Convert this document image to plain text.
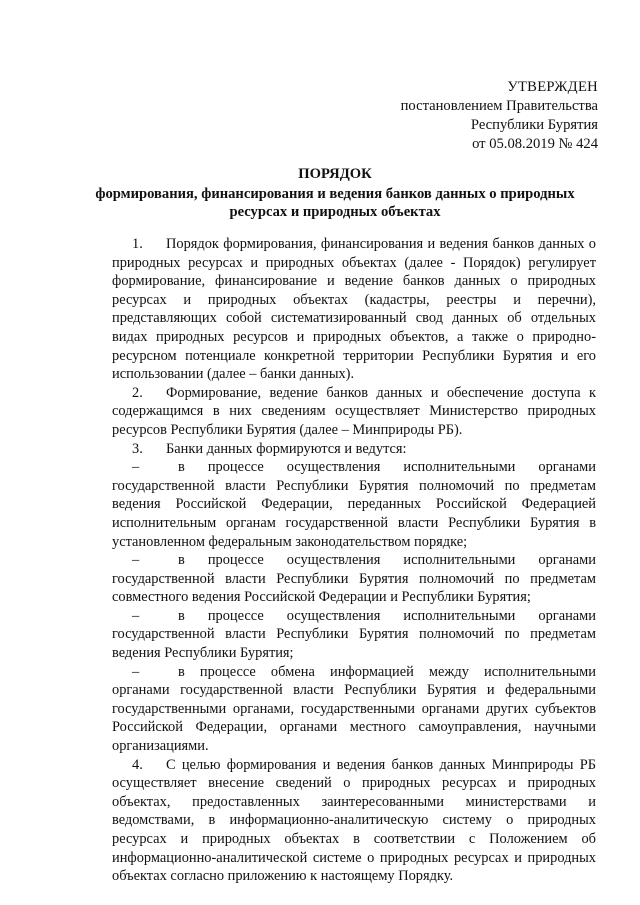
УТВЕРЖДЕН
постановлением Правительства
Республики Бурятия
от 05.08.2019 № 424
ПОРЯДОК
формирования, финансирования и ведения банков данных о природных
ресурсах и природных объектах

1. Порядок формирования, финансирования и ведения банков данных о природных ресурсах и природных объектах (далее - Порядок) регулирует формирование, финансирование и ведение банков данных о природных ресурсах и природных объектах (кадастры, реестры и перечни), представляющих собой систематизированный свод данных об отдельных видах природных ресурсов и природных объектов, а также о природно-ресурсном потенциале конкретной территории Республики Бурятия и его использовании (далее – банки данных).

2. Формирование, ведение банков данных и обеспечение доступа к содержащимся в них сведениям осуществляет Министерство природных ресурсов Республики Бурятия (далее – Минприроды РБ).

3. Банки данных формируются и ведутся:

–	в процессе осуществления исполнительными органами государственной власти Республики Бурятия полномочий по предметам ведения Российской Федерации, переданных Российской Федерацией исполнительным органам государственной власти Республики Бурятия в установленном федеральным законодательством порядке;

–	в процессе осуществления исполнительными органами государственной власти Республики Бурятия полномочий по предметам совместного ведения Российской Федерации и Республики Бурятия;

–	в процессе осуществления исполнительными органами государственной власти Республики Бурятия полномочий по предметам ведения Республики Бурятия;

–	в процессе обмена информацией между исполнительными органами государственной власти Республики Бурятия и федеральными государственными органами, государственными органами других субъектов Российской Федерации, органами местного самоуправления, научными организациями.

4. С целью формирования и ведения банков данных Минприроды РБ осуществляет внесение сведений о природных ресурсах и природных объектах, предоставленных заинтересованными министерствами и ведомствами, в информационно-аналитическую систему о природных ресурсах и природных объектах в соответствии с Положением об информационно-аналитической системе о природных ресурсах и природных объектах согласно приложению к настоящему Порядку.
